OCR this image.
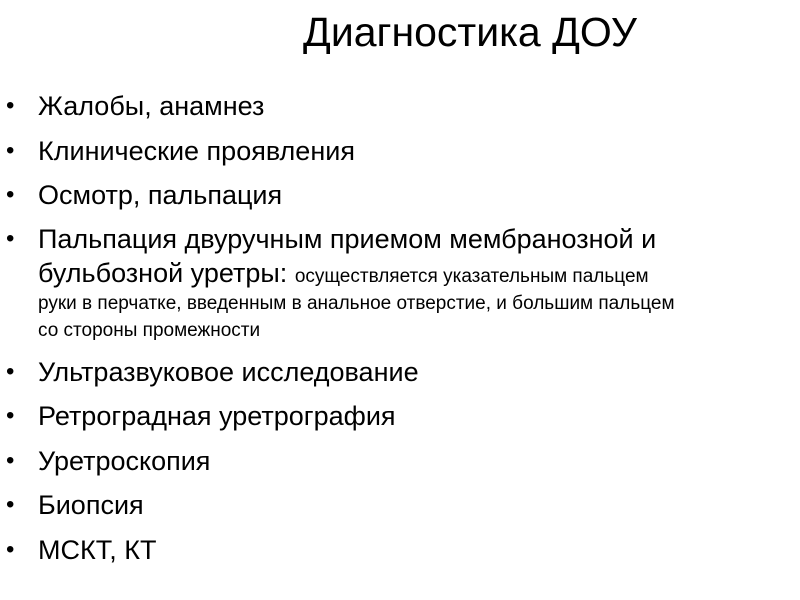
Диагностика ДОУ
• Жалобы, анамнез
• Клинические проявления
• Осмотр, пальпация
• Пальпация двуручным приемом мембранозной и
бульбозной уретры: осуществляется указательным пальцем
руки в перчатке, введенным в анальное отверстие, и большим пальцем
со стороны промежности
• Ультразвуковое исследование
• Ретроградная уретрография
• Уретроскопия
• Биопсия
• МСКТ, КТ
